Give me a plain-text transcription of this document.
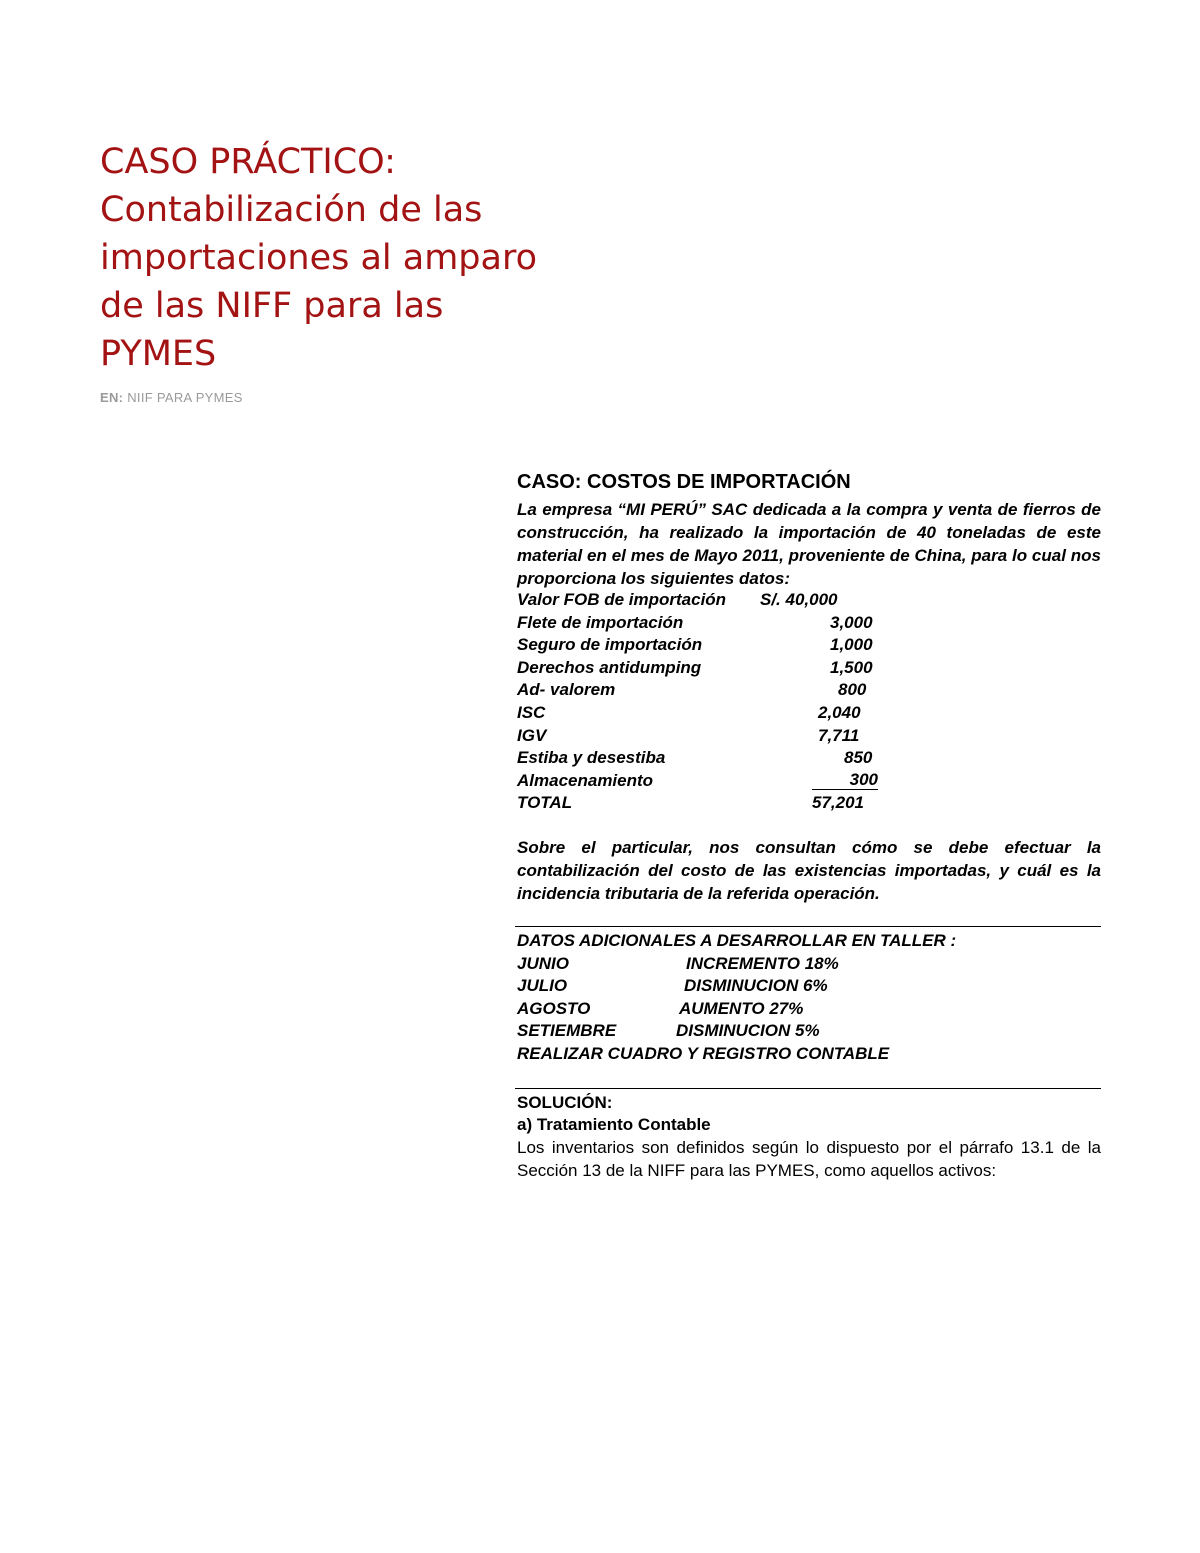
CASO PRÁCTICO:
Contabilización de las
importaciones al amparo
de las NIFF para las
PYMES
EN: NIIF PARA PYMES
CASO: COSTOS DE IMPORTACIÓN
La empresa “MI PERÚ” SAC dedicada a la compra y venta de fierros de construcción, ha realizado la importación de 40 toneladas de este material en el mes de Mayo 2011, proveniente de China, para lo cual nos proporciona los siguientes datos:
Valor FOB de importación S/. 40,000
Flete de importación	3,000
Seguro de importación	1,000
Derechos antidumping	1,500
Ad- valorem	800
ISC	2,040
IGV	7,711
Estiba y desestiba	850
Almacenamiento	300
TOTAL	57,201
Sobre el particular, nos consultan cómo se debe efectuar la contabilización del costo de las existencias importadas, y cuál es la incidencia tributaria de la referida operación.
DATOS ADICIONALES A DESARROLLAR EN TALLER :
JUNIO	INCREMENTO 18%
JULIO	DISMINUCION 6%
AGOSTO	AUMENTO 27%
SETIEMBRE	DISMINUCION 5%
REALIZAR CUADRO Y REGISTRO CONTABLE
SOLUCIÓN:
a) Tratamiento Contable
Los inventarios son definidos según lo dispuesto por el párrafo 13.1 de la Sección 13 de la NIFF para las PYMES, como aquellos activos:
